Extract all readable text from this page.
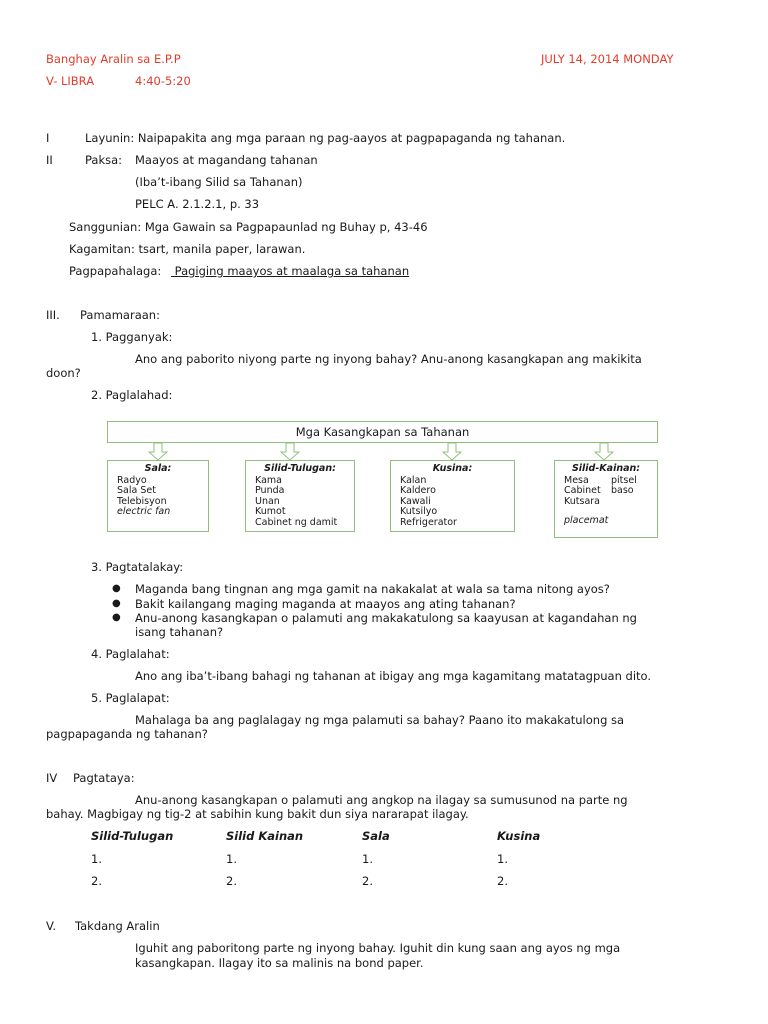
Banghay Aralin sa E.P.P	JULY 14, 2014 MONDAY
V- LIBRA	4:40-5:20
I	Layunin: Naipapakita ang mga paraan ng pag-aayos at pagpapaganda ng tahanan.
II	Paksa: Maayos at magandang tahanan
(Iba’t-ibang Silid sa Tahanan)
PELC A. 2.1.2.1, p. 33
Sanggunian: Mga Gawain sa Pagpapaunlad ng Buhay p, 43-46
Kagamitan: tsart, manila paper, larawan.
Pagpapahalaga: Pagiging maayos at maalaga sa tahanan
III. Pamamaraan:
1. Pagganyak:
Ano ang paborito niyong parte ng inyong bahay? Anu-anong kasangkapan ang makikita
doon?
2. Paglalahad:
Mga Kasangkapan sa Tahanan
Sala:
Radyo
Sala Set
Telebisyon
electric fan
Silid-Tulugan:
Kama
Punda
Unan
Kumot
Cabinet ng damit
Kusina:
Kalan
Kaldero
Kawali
Kutsilyo
Refrigerator
Silid-Kainan:
Mesa
Cabinet
Kutsara
pitsel
baso
placemat
3. Pagtatalakay:
● Maganda bang tingnan ang mga gamit na nakakalat at wala sa tama nitong ayos?
● Bakit kailangang maging maganda at maayos ang ating tahanan?
● Anu-anong kasangkapan o palamuti ang makakatulong sa kaayusan at kagandahan ng
isang tahanan?
4. Paglalahat:
Ano ang iba’t-ibang bahagi ng tahanan at ibigay ang mga kagamitang matatagpuan dito.
5. Paglalapat:
Mahalaga ba ang paglalagay ng mga palamuti sa bahay? Paano ito makakatulong sa
pagpapaganda ng tahanan?
IV Pagtataya:
Anu-anong kasangkapan o palamuti ang angkop na ilagay sa sumusunod na parte ng
bahay. Magbigay ng tig-2 at sabihin kung bakit dun siya nararapat ilagay.
Silid-Tulugan	Silid Kainan	Sala	Kusina
1.	1.	1.	1.
2.	2.	2.	2.
V. Takdang Aralin
Iguhit ang paboritong parte ng inyong bahay. Iguhit din kung saan ang ayos ng mga
kasangkapan. Ilagay ito sa malinis na bond paper.
